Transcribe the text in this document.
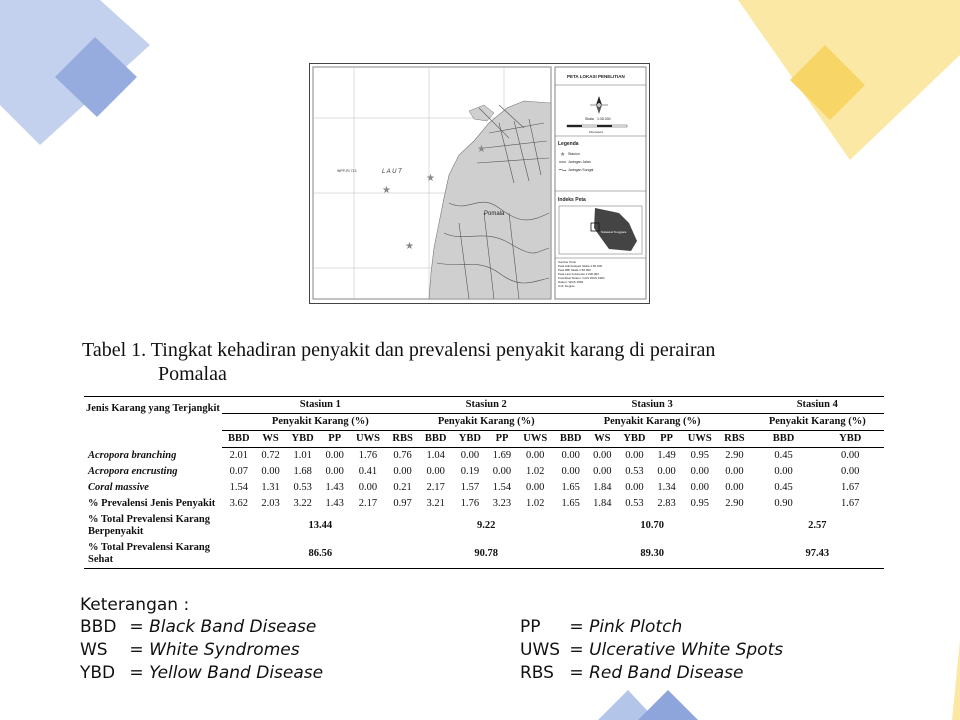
★
★
★
★
L A U T
WPP-RI 713
Pomala
PETA LOKASI PENELITIAN
Skala 1:35.000
Kilometers
Legenda
★ Stasiun
Jaringan Jalan
Jaringan Sungai
Indeks Peta
Sulawesi Tenggara
Sumber Peta:
Peta Administrasi Skala 1:50.000
Peta RBI Skala 1:50.000
Peta Laut Indonesia 1:200.000
Koordinat Sistem: GCS WGS 1984
Datum: WGS 1984
Unit: Degree
Tabel 1. Tingkat kehadiran penyakit dan prevalensi penyakit karang di perairan
Pomalaa
Jenis Karang yang Terjangkit	Stasiun 1						Stasiun 2				Stasiun 3						Stasiun 4	
	Penyakit Karang (%)						Penyakit Karang (%)				Penyakit Karang (%)						Penyakit Karang (%)	
	BBD	WS	YBD	PP	UWS	RBS	BBD	YBD	PP	UWS	BBD	WS	YBD	PP	UWS	RBS	BBD	YBD
Acropora branching	2.01	0.72	1.01	0.00	1.76	0.76	1.04	0.00	1.69	0.00	0.00	0.00	0.00	1.49	0.95	2.90	0.45	0.00
Acropora encrusting	0.07	0.00	1.68	0.00	0.41	0.00	0.00	0.19	0.00	1.02	0.00	0.00	0.53	0.00	0.00	0.00	0.00	0.00
Coral massive	1.54	1.31	0.53	1.43	0.00	0.21	2.17	1.57	1.54	0.00	1.65	1.84	0.00	1.34	0.00	0.00	0.45	1.67
% Prevalensi Jenis Penyakit	3.62	2.03	3.22	1.43	2.17	0.97	3.21	1.76	3.23	1.02	1.65	1.84	0.53	2.83	0.95	2.90	0.90	1.67
% Total Prevalensi Karang Berpenyakit	13.44						9.22				10.70						2.57	
% Total Prevalensi Karang Sehat	86.56						90.78				89.30						97.43	
Keterangan :
BBD = Black Band Disease
WS = White Syndromes
YBD = Yellow Band Disease
PP = Pink Plotch
UWS = Ulcerative White Spots
RBS = Red Band Disease
